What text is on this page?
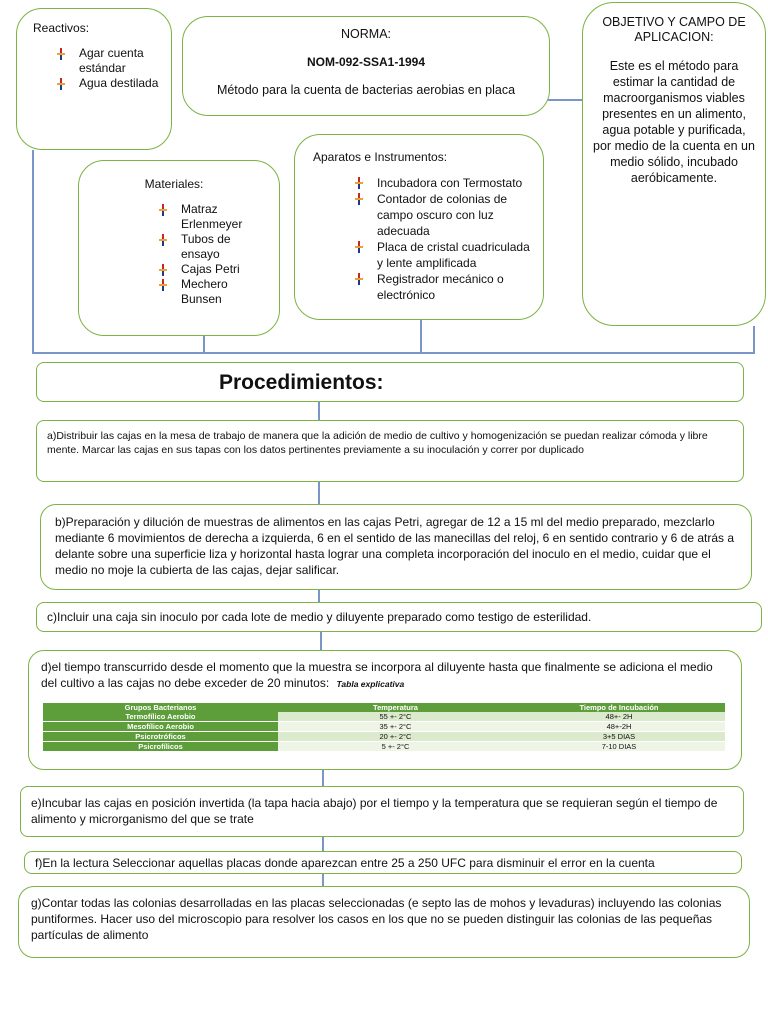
Reactivos:
Agar cuenta estándar
Agua destilada
NORMA:
NOM-092-SSA1-1994
Método para la cuenta de bacterias aerobias en placa
OBJETIVO Y CAMPO DE APLICACION:
Este es el método para estimar la cantidad de macroorganismos viables presentes en un alimento, agua potable y purificada, por medio de la cuenta en un medio sólido, incubado aeróbicamente.
Materiales:
Matraz Erlenmeyer
Tubos de ensayo
Cajas Petri
Mechero Bunsen
Aparatos e Instrumentos:
Incubadora con Termostato
Contador de colonias de campo oscuro con luz adecuada
Placa de cristal cuadriculada y lente amplificada
Registrador mecánico o electrónico
Procedimientos:
a)Distribuir las cajas en la mesa de trabajo de manera que la adición de medio de cultivo y homogenización se puedan realizar cómoda y libre mente. Marcar las cajas en sus tapas con los datos pertinentes previamente a su inoculación y correr por duplicado
b)Preparación y dilución de muestras de alimentos en las cajas Petri, agregar de 12 a 15 ml del medio preparado, mezclarlo mediante 6 movimientos de derecha a izquierda, 6 en el sentido de las manecillas del reloj, 6 en sentido contrario y 6 de atrás a delante sobre una superficie liza y horizontal hasta lograr una completa incorporación del inoculo en el medio, cuidar que el medio no moje la cubierta de las cajas, dejar salificar.
c)Incluir una caja sin inoculo por cada lote de medio y diluyente preparado como testigo de esterilidad.
d)el tiempo transcurrido desde el momento que la muestra se incorpora al diluyente hasta que finalmente se adiciona el medio del cultivo a las cajas no debe exceder de 20 minutos: Tabla explicativa
Grupos Bacterianos	Temperatura	Tiempo de Incubación
Termofílico Aerobio	55 +- 2°C	48+- 2H
Mesofílico Aerobio	35 +- 2°C	48+-2H
Psicrotróficos	20 +- 2°C	3+5 DIAS
Psicrofílicos	5 +- 2°C	7-10 DIAS
e)Incubar las cajas en posición invertida (la tapa hacia abajo) por el tiempo y la temperatura que se requieran según el tiempo de alimento y microrganismo del que se trate
f)En la lectura Seleccionar aquellas placas donde aparezcan entre 25 a 250 UFC para disminuir el error en la cuenta
g)Contar todas las colonias desarrolladas en las placas seleccionadas (e septo las de mohos y levaduras) incluyendo las colonias puntiformes. Hacer uso del microscopio para resolver los casos en los que no se pueden distinguir las colonias de las pequeñas partículas de alimento
